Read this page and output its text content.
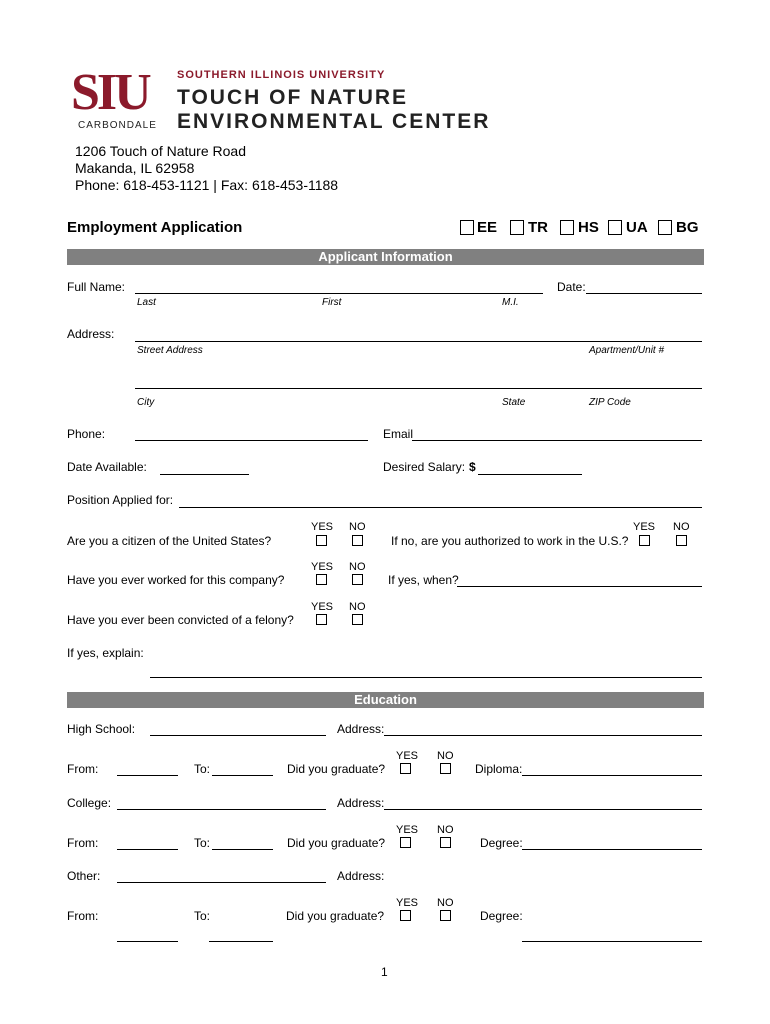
SIU
CARBONDALE
SOUTHERN ILLINOIS UNIVERSITY
TOUCH OF NATURE
ENVIRONMENTAL CENTER
1206 Touch of Nature Road
Makanda, IL 62958
Phone: 618-453-1121 | Fax: 618-453-1188
Employment Application	EE TR HS UA BG
Applicant Information
Full Name:	Date:
Last	First	M.I.
Address:
Street Address	Apartment/Unit #
City	State	ZIP Code
Phone:	Email
Date Available:	Desired Salary: $
Position Applied for:
YES NO
Are you a citizen of the United States?
YES NO
If no, are you authorized to work in the U.S.?
YES NO
Have you ever worked for this company?	If yes, when?
YES NO
Have you ever been convicted of a felony?
If yes, explain:
Education
High School:	Address:
YES NO
From:	To:	Did you graduate?	Diploma:
College:	Address:
YES NO
From:	To:	Did you graduate?	Degree:
Other:	Address:
YES NO
From:	To:	Did you graduate?	Degree:
1
